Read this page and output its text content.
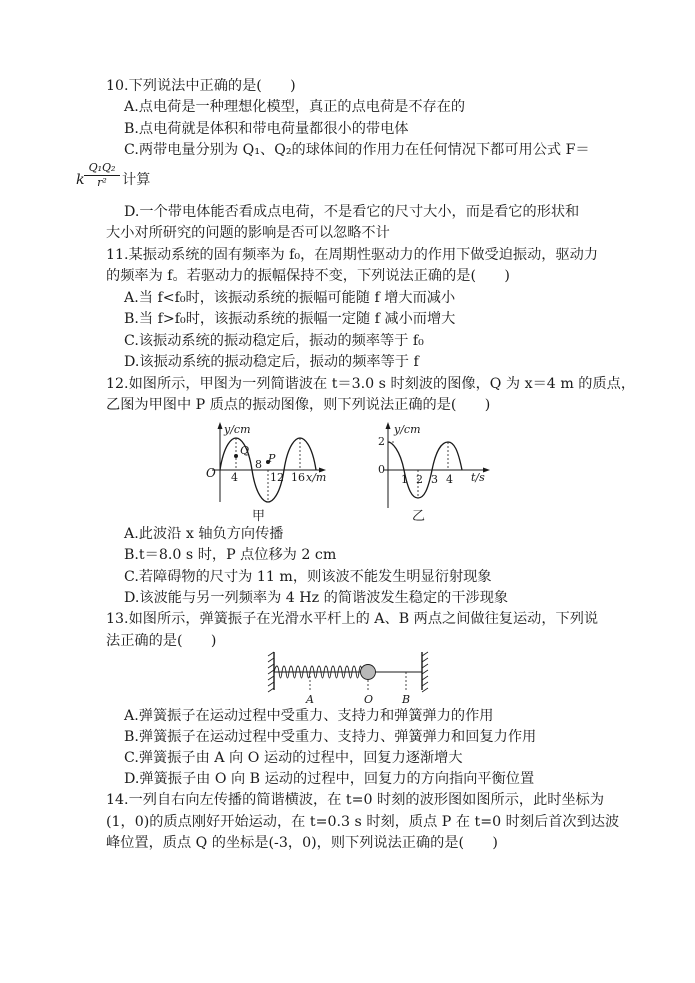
10.下列说法中正确的是(　　)
A.点电荷是一种理想化模型，真正的点电荷是不存在的
B.点电荷就是体积和带电荷量都很小的带电体
C.两带电量分别为 Q₁、Q₂的球体间的作用力在任何情况下都可用公式 F＝
k $\frac{\text{Q₁Q₂}}{\text{r²}}$ 计算
D.一个带电体能否看成点电荷，不是看它的尺寸大小，而是看它的形状和
大小对所研究的问题的影响是否可以忽略不计
11.某振动系统的固有频率为 f₀，在周期性驱动力的作用下做受迫振动，驱动力
的频率为 f。若驱动力的振幅保持不变，下列说法正确的是(　　)
A.当 f<f₀时，该振动系统的振幅可能随 f 增大而减小
B.当 f>f₀时，该振动系统的振幅一定随 f 减小而增大
C.该振动系统的振动稳定后，振动的频率等于 f₀
D.该振动系统的振动稳定后，振动的频率等于 f
12.如图所示，甲图为一列简谐波在 t＝3.0 s 时刻波的图像，Q 为 x＝4 m 的质点，
乙图为甲图中 P 质点的振动图像，则下列说法正确的是(　　)
y/cm
x/m
O 4
8
12 16
Q
P
甲
y/cm
t/s
2
0
1 2 3 4
乙
A.此波沿 x 轴负方向传播
B.t＝8.0 s 时，P 点位移为 2 cm
C.若障碍物的尺寸为 11 m，则该波不能发生明显衍射现象
D.该波能与另一列频率为 4 Hz 的简谐波发生稳定的干涉现象
13.如图所示，弹簧振子在光滑水平杆上的 A、B 两点之间做往复运动，下列说
法正确的是(　　)
A	O	B
A.弹簧振子在运动过程中受重力、支持力和弹簧弹力的作用
B.弹簧振子在运动过程中受重力、支持力、弹簧弹力和回复力作用
C.弹簧振子由 A 向 O 运动的过程中，回复力逐渐增大
D.弹簧振子由 O 向 B 运动的过程中，回复力的方向指向平衡位置
14.一列自右向左传播的简谐横波，在 t=0 时刻的波形图如图所示，此时坐标为
(1，0)的质点刚好开始运动，在 t=0.3 s 时刻，质点 P 在 t=0 时刻后首次到达波
峰位置，质点 Q 的坐标是(-3，0)，则下列说法正确的是(　　)
